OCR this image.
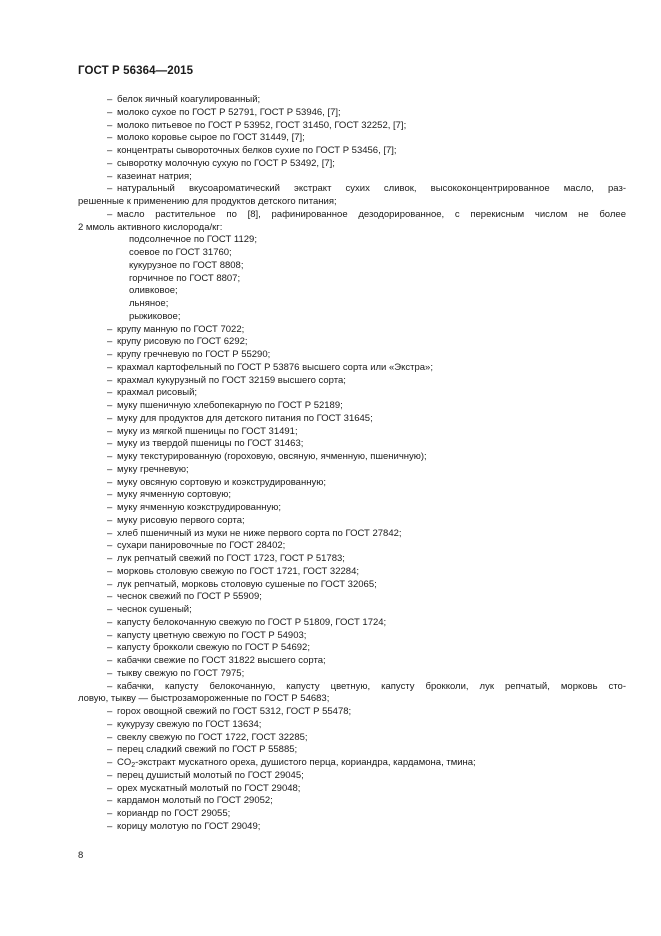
ГОСТ Р 56364—2015
– белок яичный коагулированный;
– молоко сухое по ГОСТ Р 52791, ГОСТ Р 53946, [7];
– молоко питьевое по ГОСТ Р 53952, ГОСТ 31450, ГОСТ 32252, [7];
– молоко коровье сырое по ГОСТ 31449, [7];
– концентраты сывороточных белков сухие по ГОСТ Р 53456, [7];
– сыворотку молочную сухую по ГОСТ Р 53492, [7];
– казеинат натрия;
– натуральный вкусоароматический экстракт сухих сливок, высококонцентрированное масло, раз-
решенные к применению для продуктов детского питания;
– масло растительное по [8], рафинированное дезодорированное, с перекисным числом не более
2 ммоль активного кислорода/кг:
подсолнечное по ГОСТ 1129;
соевое по ГОСТ 31760;
кукурузное по ГОСТ 8808;
горчичное по ГОСТ 8807;
оливковое;
льняное;
рыжиковое;
– крупу манную по ГОСТ 7022;
– крупу рисовую по ГОСТ 6292;
– крупу гречневую по ГОСТ Р 55290;
– крахмал картофельный по ГОСТ Р 53876 высшего сорта или «Экстра»;
– крахмал кукурузный по ГОСТ 32159 высшего сорта;
– крахмал рисовый;
– муку пшеничную хлебопекарную по ГОСТ Р 52189;
– муку для продуктов для детского питания по ГОСТ 31645;
– муку из мягкой пшеницы по ГОСТ 31491;
– муку из твердой пшеницы по ГОСТ 31463;
– муку текстурированную (гороховую, овсяную, ячменную, пшеничную);
– муку гречневую;
– муку овсяную сортовую и коэкструдированную;
– муку ячменную сортовую;
– муку ячменную коэкструдированную;
– муку рисовую первого сорта;
– хлеб пшеничный из муки не ниже первого сорта по ГОСТ 27842;
– сухари панировочные по ГОСТ 28402;
– лук репчатый свежий по ГОСТ 1723, ГОСТ Р 51783;
– морковь столовую свежую по ГОСТ 1721, ГОСТ 32284;
– лук репчатый, морковь столовую сушеные по ГОСТ 32065;
– чеснок свежий по ГОСТ Р 55909;
– чеснок сушеный;
– капусту белокочанную свежую по ГОСТ Р 51809, ГОСТ 1724;
– капусту цветную свежую по ГОСТ Р 54903;
– капусту брокколи свежую по ГОСТ Р 54692;
– кабачки свежие по ГОСТ 31822 высшего сорта;
– тыкву свежую по ГОСТ 7975;
– кабачки, капусту белокочанную, капусту цветную, капусту брокколи, лук репчатый, морковь сто-
ловую, тыкву — быстрозамороженные по ГОСТ Р 54683;
– горох овощной свежий по ГОСТ 5312, ГОСТ Р 55478;
– кукурузу свежую по ГОСТ 13634;
– свеклу свежую по ГОСТ 1722, ГОСТ 32285;
– перец сладкий свежий по ГОСТ Р 55885;
– $CO_2$-экстракт мускатного ореха, душистого перца, кориандра, кардамона, тмина;
– перец душистый молотый по ГОСТ 29045;
– орех мускатный молотый по ГОСТ 29048;
– кардамон молотый по ГОСТ 29052;
– кориандр по ГОСТ 29055;
– корицу молотую по ГОСТ 29049;
8
